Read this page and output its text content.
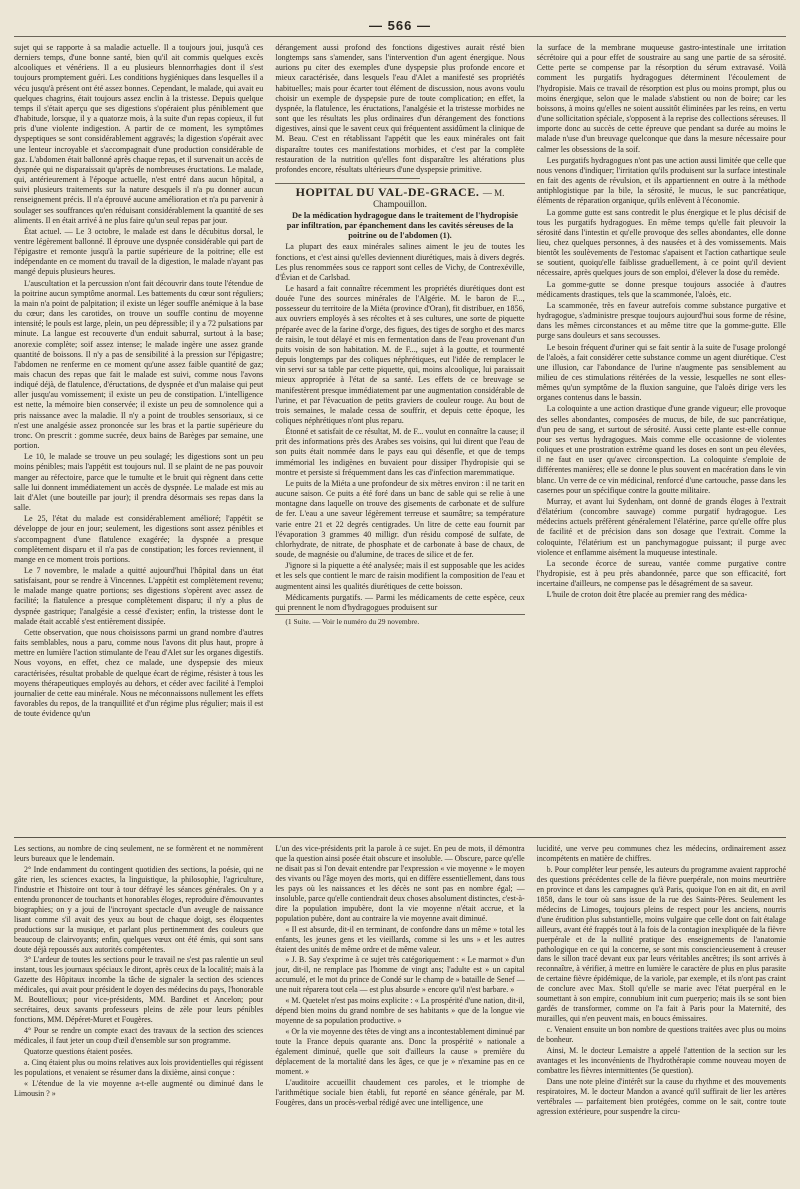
— 566 —

sujet qui se rapporte à sa maladie actuelle. Il a toujours joui, jusqu'à ces derniers temps, d'une bonne santé, bien qu'il ait commis quelques excès alcooliques et vénériens. Il a eu plusieurs blennorrhagies dont il s'est toujours promptement guéri. Les conditions hygiéniques dans lesquelles il a vécu jusqu'à présent ont été assez bonnes. Cependant, le malade, qui avait eu quelques chagrins, était toujours assez enclin à la tristesse. Depuis quelque temps il s'était aperçu que ses digestions s'opéraient plus péniblement que d'habitude, lorsque, il y a quatorze mois, à la suite d'un repas copieux, il fut pris d'une violente indigestion. A partir de ce moment, les symptômes dyspeptiques se sont considérablement aggravés; la digestion s'opérait avec une lenteur incroyable et s'accompagnait d'une production considérable de gaz. L'abdomen était ballonné après chaque repas, et il survenait un accès de dyspnée qui ne disparaissait qu'après de nombreuses éructations. Le malade, qui, antérieurement à l'époque actuelle, n'est entré dans aucun hôpital, a suivi plusieurs traitements sur la nature desquels il n'a pu donner aucun renseignement précis. Il n'a éprouvé aucune amélioration et n'a pu parvenir à soulager ses souffrances qu'en réduisant considérablement la quantité de ses aliments. Il en était arrivé à ne plus faire qu'un seul repas par jour.

État actuel. — Le 3 octobre, le malade est dans le décubitus dorsal, le ventre légèrement ballonné. Il éprouve une dyspnée considérable qui part de l'épigastre et remonte jusqu'à la partie supérieure de la poitrine; elle est indépendante en ce moment du travail de la digestion, le malade n'ayant pas mangé depuis plusieurs heures.

L'auscultation et la percussion n'ont fait découvrir dans toute l'étendue de la poitrine aucun symptôme anormal. Les battements du cœur sont réguliers; la main n'a point de palpitation; il existe un léger souffle anémique à la base du cœur; dans les carotides, on trouve un souffle continu de moyenne intensité; le pouls est large, plein, un peu dépressible; il y a 72 pulsations par minute. La langue est recouverte d'un enduit saburral, surtout à la base; anorexie complète; soif assez intense; le malade ingère une assez grande quantité de boissons. Il n'y a pas de sensibilité à la pression sur l'épigastre; l'abdomen ne renferme en ce moment qu'une assez faible quantité de gaz; mais chacun des repas que fait le malade est suivi, comme nous l'avons indiqué déjà, de flatulence, d'éructations, de dyspnée et d'un malaise qui peut aller jusqu'au vomissement; il existe un peu de constipation. L'intelligence est nette, la mémoire bien conservée; il existe un peu de somnolence qui a pris naissance avec la maladie. Il n'y a point de troubles sensoriaux, si ce n'est une analgésie assez prononcée sur les bras et la partie supérieure du tronc. On prescrit : gomme sucrée, deux bains de Barèges par semaine, une portion.

Le 10, le malade se trouve un peu soulagé; les digestions sont un peu moins pénibles; mais l'appétit est toujours nul. Il se plaint de ne pas pouvoir manger au réfectoire, parce que le tumulte et le bruit qui règnent dans cette salle lui donnent immédiatement un accès de dyspnée. Le malade est mis au lait d'Alet (une bouteille par jour); il prendra désormais ses repas dans la salle.

Le 25, l'état du malade est considérablement amélioré; l'appétit se développe de jour en jour; seulement, les digestions sont assez pénibles et s'accompagnent d'une flatulence exagérée; la dyspnée a presque complètement disparu et il n'a pas de constipation; les forces reviennent, il mange en ce moment trois portions.

Le 7 novembre, le malade a quitté aujourd'hui l'hôpital dans un état satisfaisant, pour se rendre à Vincennes. L'appétit est complètement revenu; le malade mange quatre portions; ses digestions s'opèrent avec assez de facilité; la flatulence a presque complètement disparu; il n'y a plus de dyspnée gastrique; l'analgésie a cessé d'exister; enfin, la tristesse dont le malade était accablé s'est entièrement dissipée.

Cette observation, que nous choisissons parmi un grand nombre d'autres faits semblables, nous a paru, comme nous l'avons dit plus haut, propre à mettre en lumière l'action stimulante de l'eau d'Alet sur les organes digestifs. Nous voyons, en effet, chez ce malade, une dyspepsie des mieux caractérisées, résultat probable de quelque écart de régime, résister à tous les moyens thérapeutiques employés au dehors, et céder avec facilité à l'emploi journalier de cette eau minérale. Nous ne méconnaissons nullement les effets favorables du repos, de la tranquillité et d'un régime plus régulier; mais il est de toute évidence qu'un

dérangement aussi profond des fonctions digestives aurait résté bien longtemps sans s'amender, sans l'intervention d'un agent énergique. Nous aurions pu citer des exemples d'une dyspepsie plus profonde encore et mieux caractérisée, dans lesquels l'eau d'Alet a manifesté ses propriétés habituelles; mais pour écarter tout élément de discussion, nous avons voulu choisir un exemple de dyspepsie pure de toute complication; en effet, la dyspnée, la flatulence, les éructations, l'analgésie et la tristesse morbides ne sont que les résultats les plus ordinaires d'un dérangement des fonctions digestives, ainsi que le savent ceux qui fréquentent assidûment la clinique de M. Beau. C'est en rétablissant l'appétit que les eaux minérales ont fait disparaître toutes ces manifestations morbides, et c'est par la complète restauration de la nutrition qu'elles font disparaître les altérations plus profondes encore, résultats ultérieurs d'une dyspepsie primitive.

HOPITAL DU VAL-DE-GRACE. — M. Champouillon.

De la médication hydragogue dans le traitement de l'hydropisie par infiltration, par épanchement dans les cavités séreuses de la poitrine ou de l'abdomen (1).

La plupart des eaux minérales salines aiment le jeu de toutes les fonctions, et c'est ainsi qu'elles deviennent diurétiques, mais à divers degrés. Les plus renommées sous ce rapport sont celles de Vichy, de Contrexéville, d'Évian et de Carlsbad.

Le hasard a fait connaître récemment les propriétés diurétiques dont est douée l'une des sources minérales de l'Algérie. M. le baron de F..., possesseur du territoire de la Miéta (province d'Oran), fit distribuer, en 1856, aux ouvriers employés à ses récoltes et à ses cultures, une sorte de piquette préparée avec de la farine d'orge, des figues, des tiges de sorgho et des marcs de raisin, le tout délayé et mis en fermentation dans de l'eau provenant d'un puits voisin de son habitation. M. de F..., sujet à la goutte, et tourmenté depuis longtemps par des coliques néphrétiques, eut l'idée de remplacer le vin servi sur sa table par cette piquette, qui, moins alcoolique, lui paraissait mieux appropriée à l'état de sa santé. Les effets de ce breuvage se manifestèrent presque immédiatement par une augmentation considérable de l'urine, et par l'évacuation de petits graviers de couleur rouge. Au bout de trois semaines, le malade cessa de souffrir, et depuis cette époque, les coliques néphrétiques n'ont plus reparu.

Étonné et satisfait de ce résultat, M. de F... voulut en connaître la cause; il prit des informations près des Arabes ses voisins, qui lui dirent que l'eau de son puits était nommée dans le pays eau qui désenfle, et que de temps immémorial les indigènes en buvaient pour dissiper l'hydropisie qui se montre et persiste si fréquemment dans les cas d'infection maremmatique.

Le puits de la Miéta a une profondeur de six mètres environ : il ne tarit en aucune saison. Ce puits a été foré dans un banc de sable qui se relie à une montagne dans laquelle on trouve des gisements de carbonate et de sulfure de fer. L'eau a une saveur légèrement terreuse et saumâtre; sa température varie entre 21 et 22 degrés centigrades. Un litre de cette eau fournit par l'évaporation 3 grammes 40 milligr. d'un résidu composé de sulfate, de chlorhydrate, de nitrate, de phosphate et de carbonate à base de chaux, de soude, de magnésie ou d'alumine, de traces de silice et de fer.

J'ignore si la piquette a été analysée; mais il est supposable que les acides et les sels que contient le marc de raisin modifient la composition de l'eau et augmentent ainsi les qualités diurétiques de cette boisson.

Médicaments purgatifs. — Parmi les médicaments de cette espèce, ceux qui prennent le nom d'hydragogues produisent sur

(1 Suite. — Voir le numéro du 29 novembre.

la surface de la membrane muqueuse gastro-intestinale une irritation sécrétoire qui a pour effet de soustraire au sang une partie de sa sérosité. Cette perte se compense par la résorption du sérum extravasé. Voilà comment les purgatifs hydragogues déterminent l'écoulement de l'hydropisie. Mais ce travail de résorption est plus ou moins prompt, plus ou moins énergique, selon que le malade s'abstient ou non de boire; car les boissons, à moins qu'elles ne soient aussitôt éliminées par les reins, en vertu d'une sollicitation spéciale, s'opposent à la reprise des collections séreuses. Il importe donc au succès de cette épreuve que pendant sa durée au moins le malade n'use d'un breuvage quelconque que dans la mesure nécessaire pour calmer les obsessions de la soif.

Les purgatifs hydragogues n'ont pas une action aussi limitée que celle que nous venons d'indiquer; l'irritation qu'ils produisent sur la surface intestinale en fait des agents de révulsion, et ils appartiennent en outre à la méthode antiphlogistique par la bile, la sérosité, le mucus, le suc pancréatique, éléments de réparation organique, qu'ils enlèvent à l'économie.

La gomme gutte est sans contredit le plus énergique et le plus décisif de tous les purgatifs hydragogues. En même temps qu'elle fait pleuvoir la sérosité dans l'intestin et qu'elle provoque des selles abondantes, elle donne lieu, chez quelques personnes, à des nausées et à des vomissements. Mais bientôt les soulèvements de l'estomac s'apaisent et l'action cathartique seule se soutient, quoiqu'elle faiblisse graduellement, à ce point qu'il devient nécessaire, après quelques jours de son emploi, d'élever la dose du remède.

La gomme-gutte se donne presque toujours associée à d'autres médicaments drastiques, tels que la scammonée, l'aloès, etc.

La scammonée, très en faveur autrefois comme substance purgative et hydragogue, s'administre presque toujours aujourd'hui sous forme de résine, dans les mêmes circonstances et au même titre que la gomme-gutte. Elle purge sans douleurs et sans secousses.

Le besoin fréquent d'uriner qui se fait sentir à la suite de l'usage prolongé de l'aloès, a fait considérer cette substance comme un agent diurétique. C'est une illusion, car l'abondance de l'urine n'augmente pas sensiblement au milieu de ces stimulations réitérées de la vessie, lesquelles ne sont elles-mêmes qu'un symptôme de la fluxion sanguine, que l'aloès dirige vers les organes contenus dans le bassin.

La coloquinte a une action drastique d'une grande vigueur; elle provoque des selles abondantes, composées de mucus, de bile, de suc pancréatique, d'un peu de sang, et surtout de sérosité. Aussi cette plante est-elle connue pour ses vertus hydragogues. Mais comme elle occasionne de violentes coliques et une prostration extrême quand les doses en sont un peu élevées, il ne faut en user qu'avec circonspection. La coloquinte s'emploie de différentes manières; elle se donne le plus souvent en macération dans le vin blanc. Un verre de ce vin médicinal, renforcé d'une cartouche, passe dans les casernes pour un spécifique contre la goutte militaire.

Murray, et avant lui Sydenham, ont donné de grands éloges à l'extrait d'élatérium (concombre sauvage) comme purgatif hydragogue. Les médecins actuels préfèrent généralement l'élatérine, parce qu'elle offre plus de facilité et de précision dans son dosage que l'extrait. Comme la coloquinte, l'élatérium est un panchymagogue puissant; il purge avec violence et enflamme aisément la muqueuse intestinale.

La seconde écorce de sureau, vantée comme purgative contre l'hydropisie, est à peu près abandonnée, parce que son efficacité, fort incertaine d'ailleurs, ne compense pas le désagrément de sa saveur.

L'huile de croton doit être placée au premier rang des médica-

Les sections, au nombre de cinq seulement, ne se formèrent et ne nommèrent leurs bureaux que le lendemain.

2° Inde endamment du contingent quotidien des sections, la poésie, qui ne gâte rien, les sciences exactes, la linguistique, la philosophie, l'agriculture, l'industrie et l'histoire ont tour à tour défrayé les séances générales. On y a entendu prononcer de touchants et honorables éloges, reproduire d'émouvantes biographies; on y a joui de l'incroyant spectacle d'un aveugle de naissance lisant comme s'il avait des yeux au bout de chaque doigt, ses éloquentes productions sur la musique, et parlant plus pertinemment des couleurs que beaucoup de clairvoyants; enfin, quelques vœux ont été émis, qui sont sans doute déjà repoussés aux autorités compétentes.

3° L'ardeur de toutes les sections pour le travail ne s'est pas ralentie un seul instant, tous les journaux spéciaux le diront, après ceux de la localité; mais à la Gazette des Hôpitaux incombe la tâche de signaler la section des sciences médicales, qui avait pour président le doyen des médecins du pays, l'honorable M. Boutellioux; pour vice-présidents, MM. Bardinet et Ancelon; pour secrétaires, deux savants professeurs pleins de zèle pour leurs pénibles fonctions, MM. Dépéret-Muret et Fougères.

4° Pour se rendre un compte exact des travaux de la section des sciences médicales, il faut jeter un coup d'œil d'ensemble sur son programme.

Quatorze questions étaient posées.

a. Cinq étaient plus ou moins relatives aux lois providentielles qui régissent les populations, et venaient se résumer dans la dixième, ainsi conçue :

« L'étendue de la vie moyenne a-t-elle augmenté ou diminué dans le Limousin ? »

L'un des vice-présidents prit la parole à ce sujet. En peu de mots, il démontra que la question ainsi posée était obscure et insoluble. — Obscure, parce qu'elle ne disait pas si l'on devait entendre par l'expression « vie moyenne » le moyen des vivants ou l'âge moyen des morts, qui en diffère essentiellement, dans tous les pays où les naissances et les décès ne sont pas en nombre égal; — insoluble, parce qu'elle contiendrait deux choses absolument distinctes, c'est-à-dire la population impubère, dont la vie moyenne n'était accrue, et la population pubère, dont au contraire la vie moyenne avait diminué.

« Il est absurde, dit-il en terminant, de confondre dans un même » total les enfants, les jeunes gens et les vieillards, comme si les uns » et les autres étaient des unités de même ordre et de même valeur.

» J. B. Say s'exprime à ce sujet très catégoriquement : « Le marmot » d'un jour, dit-il, ne remplace pas l'homme de vingt ans; l'adulte est » un capital accumulé, et le mot du prince de Condé sur le champ de » bataille de Senef — une nuit réparera tout cela — est plus absurde » encore qu'il n'est barbare. »

« M. Quetelet n'est pas moins explicite : « La prospérité d'une nation, dit-il, dépend bien moins du grand nombre de ses habitants » que de la longue vie moyenne de sa population productive. »

« Or la vie moyenne des têtes de vingt ans a incontestablement diminué par toute la France depuis quarante ans. Donc la prospérité » nationale a également diminué, quelle que soit d'ailleurs la cause » première du déplacement de la mortalité dans les âges, ce que je » n'examine pas en ce moment. »

L'auditoire accueillit chaudement ces paroles, et le triomphe de l'arithmétique sociale bien établi, fut reporté en séance générale, par M. Fougères, dans un procès-verbal rédigé avec une intelligence, une

lucidité, une verve peu communes chez les médecins, ordinairement assez incompétents en matière de chiffres.

b. Pour compléter leur pensée, les auteurs du programme avaient rapproché des questions précédentes celle de la fièvre puerpérale, non moins meurtrière en province et dans les campagnes qu'à Paris, quoique l'on en ait dit, en avril 1858, dans le tour où sans issue de la rue des Saints-Pères. Seulement les médecins de Limoges, toujours pleins de respect pour les anciens, nourris d'une érudition plus substantielle, moins vulgaire que celle dont on fait étalage ailleurs, avant été frappés tout à la fois de la contagion inexpliquée de la fièvre puerpérale et de la nullité pratique des enseignements de l'anatomie pathologique en ce qui la concerne, se sont mis consciencieusement à creuser dans le sillon tracé devant eux par leurs véritables ancêtres; ils sont arrivés à reconnaître, à vérifier, à mettre en lumière le caractère de plus en plus parasite de certaine fièvre épidémique, de la variole, par exemple, et ils n'ont pas craint de conclure avec Max. Stoll qu'elle se marie avec l'état puerpéral en le soumettant à son empire, connubium init cum puerperio; mais ils se sont bien gardés de transformer, comme on l'a fait à Paris pour la Maternité, des murailles, qui n'en peuvent mais, en boucs émissaires.

c. Venaient ensuite un bon nombre de questions traitées avec plus ou moins de bonheur.

Ainsi, M. le docteur Lemaistre a appelé l'attention de la section sur les avantages et les inconvénients de l'hydrothérapie comme nouveau moyen de combattre les fièvres intermittentes (5e question).

Dans une note pleine d'intérêt sur la cause du rhythme et des mouvements respiratoires, M. le docteur Mandon a avancé qu'il suffirait de lier les artères vertébrales — parfaitement bien protégées, comme on le sait, contre toute agression extérieure, pour suspendre la circu-
